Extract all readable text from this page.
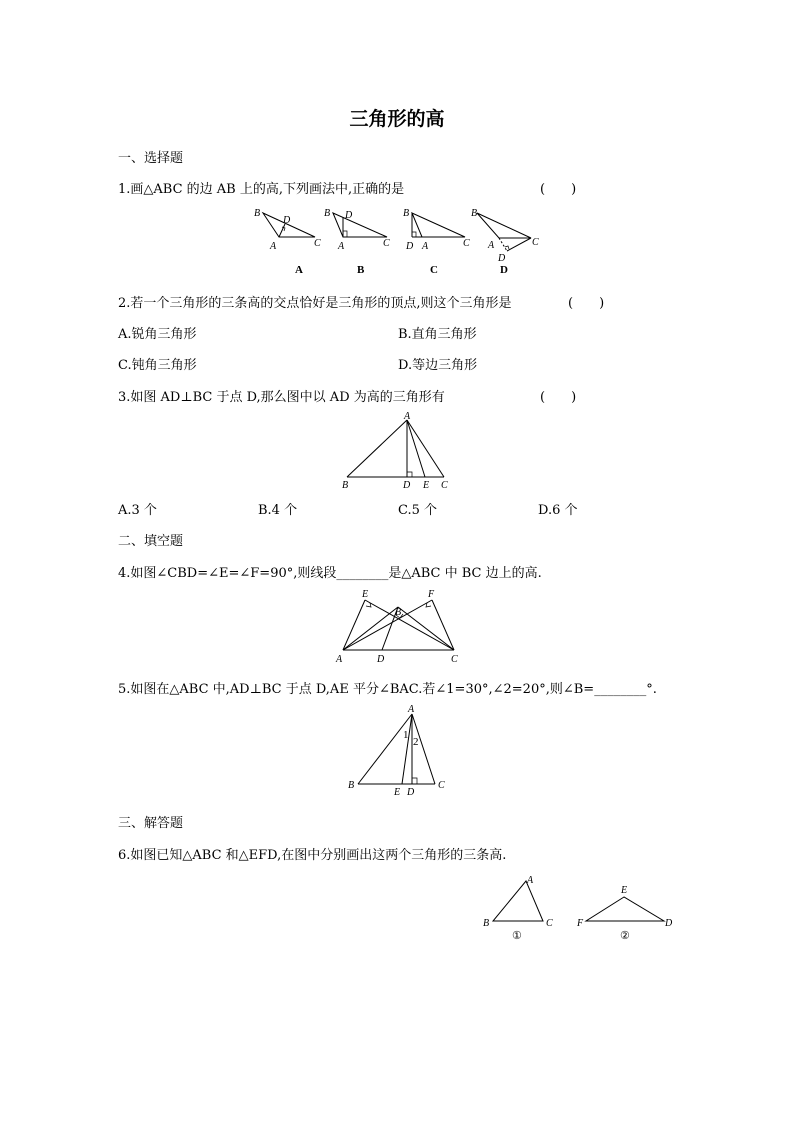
三角形的高
一、选择题
1.画△ABC 的边 AB 上的高,下列画法中,正确的是	(　　)
B
D
A	C
A
B D
A	C
B
B
D A	C
C
B
A
D
C
D
2.若一个三角形的三条高的交点恰好是三角形的顶点,则这个三角形是	(　　)
A.锐角三角形	B.直角三角形
C.钝角三角形	D.等边三角形
3.如图 AD⊥BC 于点 D,那么图中以 AD 为高的三角形有	(　　)
A
B	D E C
A.3 个	B.4 个	C.5 个	D.6 个
二、填空题
4.如图∠CBD=∠E=∠F=90°,则线段________是△ABC 中 BC 边上的高.
E	F
B
A	D	C
5.如图在△ABC 中,AD⊥BC 于点 D,AE 平分∠BAC.若∠1=30°,∠2=20°,则∠B=________°.
A
1
2
B
E D
C
三、解答题
6.如图已知△ABC 和△EFD,在图中分别画出这两个三角形的三条高.
A
B	C
①
E
F	D
②
